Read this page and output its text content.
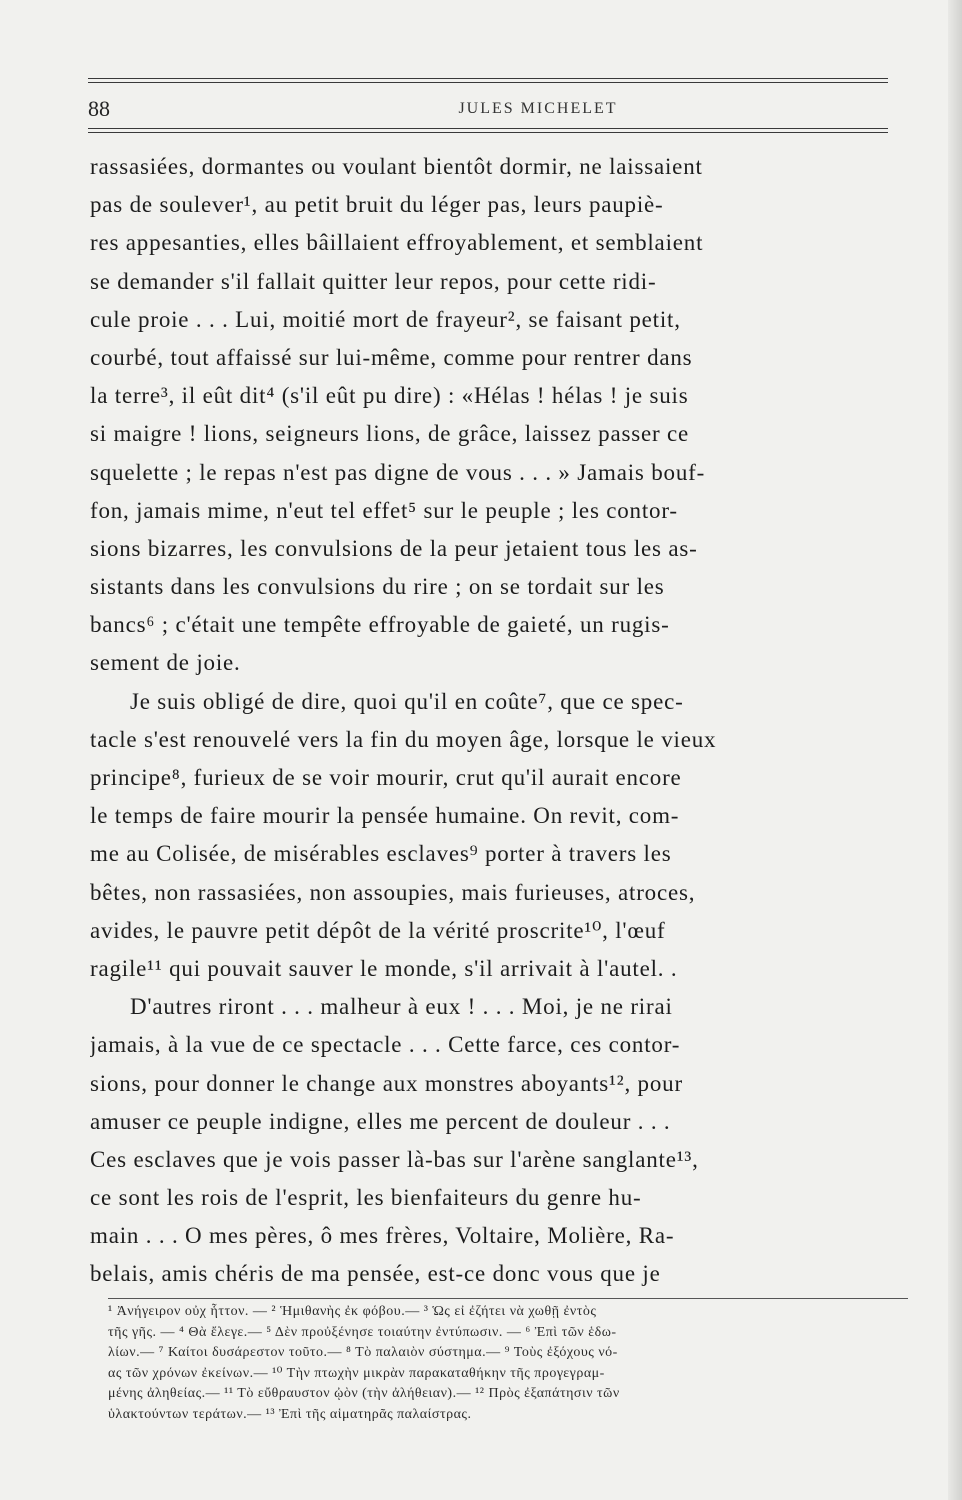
88	JULES MICHELET
rassasiées, dormantes ou voulant bientôt dormir, ne laissaient
pas de soulever¹, au petit bruit du léger pas, leurs paupiè-
res appesanties, elles bâillaient effroyablement, et semblaient
se demander s'il fallait quitter leur repos, pour cette ridi-
cule proie . . . Lui, moitié mort de frayeur², se faisant petit,
courbé, tout affaissé sur lui-même, comme pour rentrer dans
la terre³, il eût dit⁴ (s'il eût pu dire) : «Hélas ! hélas ! je suis
si maigre ! lions, seigneurs lions, de grâce, laissez passer ce
squelette ; le repas n'est pas digne de vous . . . » Jamais bouf-
fon, jamais mime, n'eut tel effet⁵ sur le peuple ; les contor-
sions bizarres, les convulsions de la peur jetaient tous les as-
sistants dans les convulsions du rire ; on se tordait sur les
bancs⁶ ; c'était une tempête effroyable de gaieté, un rugis-
sement de joie.
Je suis obligé de dire, quoi qu'il en coûte⁷, que ce spec-
tacle s'est renouvelé vers la fin du moyen âge, lorsque le vieux
principe⁸, furieux de se voir mourir, crut qu'il aurait encore
le temps de faire mourir la pensée humaine. On revit, com-
me au Colisée, de misérables esclaves⁹ porter à travers les
bêtes, non rassasiées, non assoupies, mais furieuses, atroces,
avides, le pauvre petit dépôt de la vérité proscrite¹⁰, l'œuf
ragile¹¹ qui pouvait sauver le monde, s'il arrivait à l'autel. .
D'autres riront . . . malheur à eux ! . . . Moi, je ne rirai
jamais, à la vue de ce spectacle . . . Cette farce, ces contor-
sions, pour donner le change aux monstres aboyants¹², pour
amuser ce peuple indigne, elles me percent de douleur . . .
Ces esclaves que je vois passer là-bas sur l'arène sanglante¹³,
ce sont les rois de l'esprit, les bienfaiteurs du genre hu-
main . . . O mes pères, ô mes frères, Voltaire, Molière, Ra-
belais, amis chéris de ma pensée, est-ce donc vous que je
¹ Ἀνήγειρον οὐχ ἧττον. — ² Ἡμιθανὴς ἐκ φόβου.— ³ Ὡς εἰ ἐζήτει νὰ χωθῇ ἐντὸς
τῆς γῆς. — ⁴ Θὰ ἔλεγε.— ⁵ Δὲν προὐξένησε τοιαύτην ἐντύπωσιν. — ⁶ Ἐπὶ τῶν ἑδω-
λίων.— ⁷ Καίτοι δυσάρεστον τοῦτο.— ⁸ Τὸ παλαιὸν σύστημα.— ⁹ Τοὺς ἐξόχους νό-
ας τῶν χρόνων ἐκείνων.— ¹⁰ Τὴν πτωχὴν μικρὰν παρακαταθήκην τῆς προγεγραμ-
μένης ἀληθείας.— ¹¹ Τὸ εὔθραυστον ᾠὸν (τὴν ἀλήθειαν).— ¹² Πρὸς ἐξαπάτησιν τῶν
ὑλακτούντων τεράτων.— ¹³ Ἐπὶ τῆς αἱματηρᾶς παλαίστρας.
